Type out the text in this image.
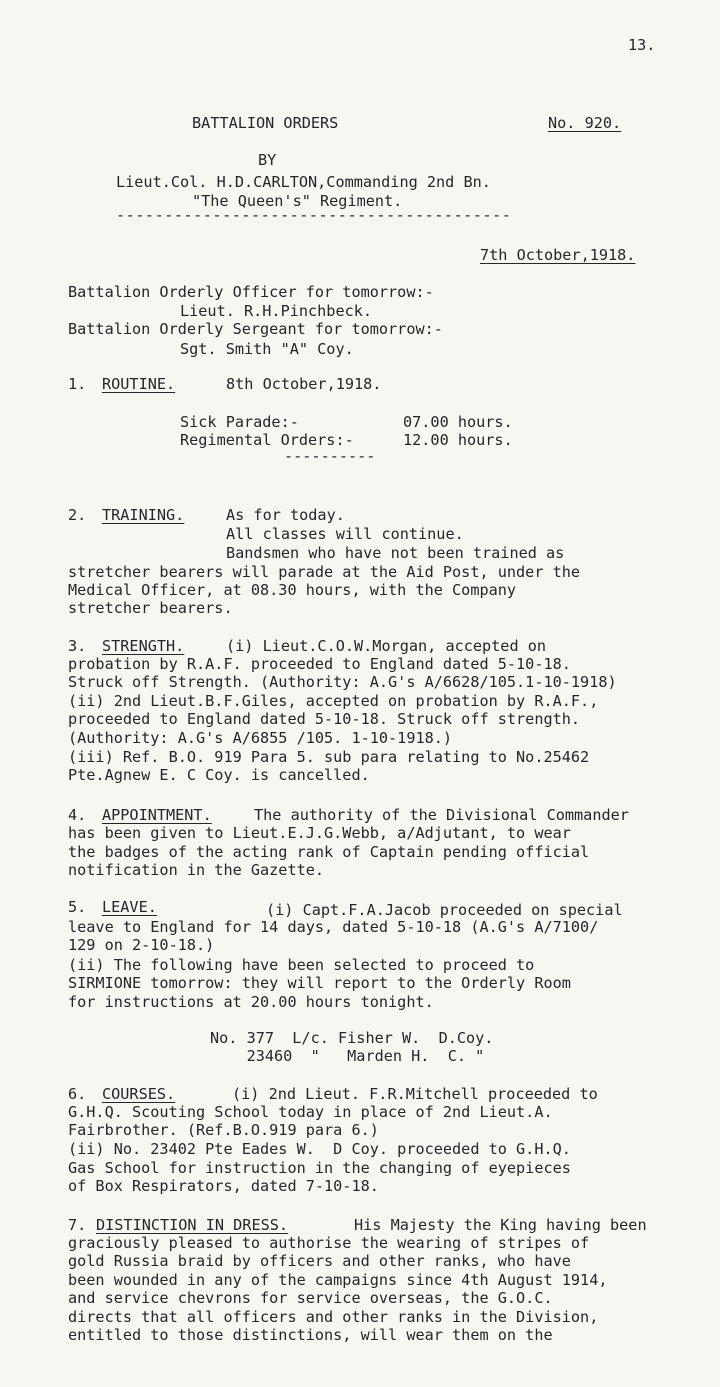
13.
BATTALION ORDERS	No. 920.
BY
Lieut.Col. H.D.CARLTON,Commanding 2nd Bn.
"The Queen's" Regiment.
-----------------------------------------
7th October,1918.
Battalion Orderly Officer for tomorrow:-
Lieut. R.H.Pinchbeck.
Battalion Orderly Sergeant for tomorrow:-
Sgt. Smith "A" Coy.
1. ROUTINE.	8th October,1918.
Sick Parade:-	07.00 hours.
Regimental Orders:-	12.00 hours.
----------
2. TRAINING.	As for today.
All classes will continue.
Bandsmen who have not been trained as
stretcher bearers will parade at the Aid Post, under the
Medical Officer, at 08.30 hours, with the Company
stretcher bearers.
3. STRENGTH.	(i) Lieut.C.O.W.Morgan, accepted on
probation by R.A.F. proceeded to England dated 5-10-18.
Struck off Strength. (Authority: A.G's A/6628/105.1-10-1918)
(ii) 2nd Lieut.B.F.Giles, accepted on probation by R.A.F.,
proceeded to England dated 5-10-18. Struck off strength.
(Authority: A.G's A/6855 /105. 1-10-1918.)
(iii) Ref. B.O. 919 Para 5. sub para relating to No.25462
Pte.Agnew E. C Coy. is cancelled.
4. APPOINTMENT.	The authority of the Divisional Commander
has been given to Lieut.E.J.G.Webb, a/Adjutant, to wear
the badges of the acting rank of Captain pending official
notification in the Gazette.
5. LEAVE.	(i) Capt.F.A.Jacob proceeded on special
leave to England for 14 days, dated 5-10-18 (A.G's A/7100/
129 on 2-10-18.)
(ii) The following have been selected to proceed to
SIRMIONE tomorrow: they will report to the Orderly Room
for instructions at 20.00 hours tonight.
No. 377  L/c. Fisher W.  D.Coy.
23460  "   Marden H.  C. "
6. COURSES.	(i) 2nd Lieut. F.R.Mitchell proceeded to
G.H.Q. Scouting School today in place of 2nd Lieut.A.
Fairbrother. (Ref.B.O.919 para 6.)
(ii) No. 23402 Pte Eades W.  D Coy. proceeded to G.H.Q.
Gas School for instruction in the changing of eyepieces
of Box Respirators, dated 7-10-18.
7. DISTINCTION IN DRESS.	His Majesty the King having been
graciously pleased to authorise the wearing of stripes of
gold Russia braid by officers and other ranks, who have
been wounded in any of the campaigns since 4th August 1914,
and service chevrons for service overseas, the G.O.C.
directs that all officers and other ranks in the Division,
entitled to those distinctions, will wear them on the
